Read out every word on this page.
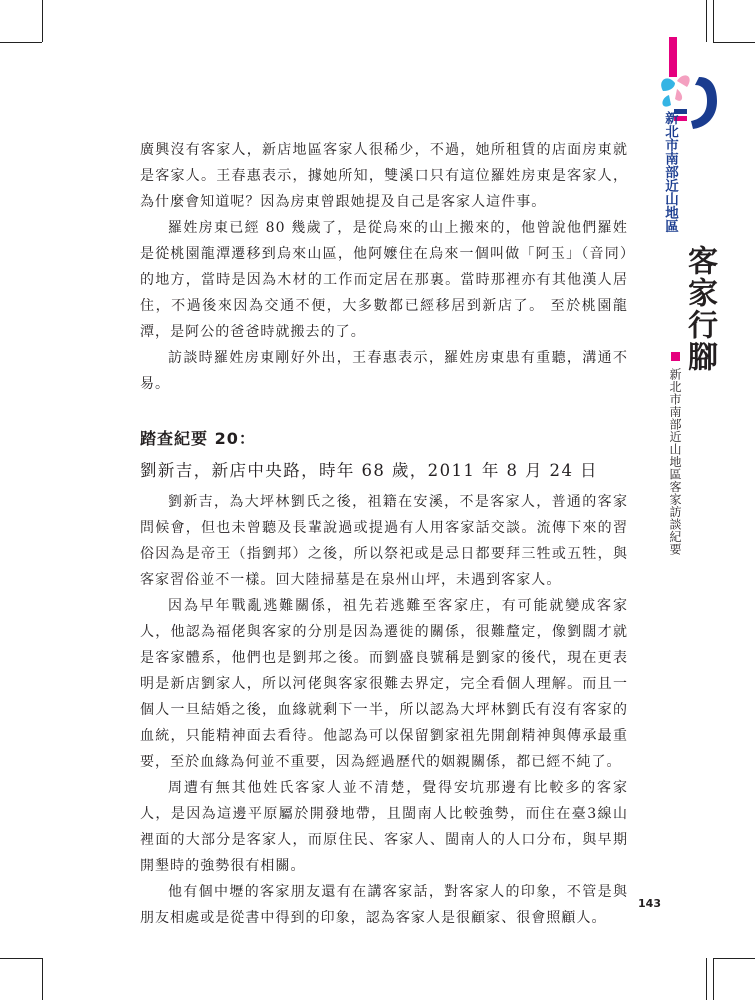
新北市南部近山地區
客家行腳
新北市南部近山地區客家訪談紀要

廣興沒有客家人，新店地區客家人很稀少，不過，她所租賃的店面房東就是客家人。王春惠表示，據她所知，雙溪口只有這位羅姓房東是客家人，為什麼會知道呢？因為房東曾跟她提及自己是客家人這件事。

羅姓房東已經 80 幾歲了，是從烏來的山上搬來的，他曾說他們羅姓是從桃園龍潭遷移到烏來山區，他阿嬤住在烏來一個叫做「阿玉」（音同）的地方，當時是因為木材的工作而定居在那裏。當時那裡亦有其他漢人居住，不過後來因為交通不便，大多數都已經移居到新店了。 至於桃園龍潭，是阿公的爸爸時就搬去的了。

訪談時羅姓房東剛好外出，王春惠表示，羅姓房東患有重聽，溝通不易。

踏查紀要 20：
劉新吉，新店中央路，時年 68 歲，2011 年 8 月 24 日

劉新吉，為大坪林劉氏之後，祖籍在安溪，不是客家人，普通的客家問候會，但也未曾聽及長輩說過或提過有人用客家話交談。流傳下來的習俗因為是帝王（指劉邦）之後，所以祭祀或是忌日都要拜三牲或五牲，與客家習俗並不一樣。回大陸掃墓是在泉州山坪，未遇到客家人。

因為早年戰亂逃難關係，祖先若逃難至客家庄，有可能就變成客家人，他認為福佬與客家的分別是因為遷徙的關係，很難釐定，像劉闊才就是客家體系，他們也是劉邦之後。而劉盛良號稱是劉家的後代，現在更表明是新店劉家人，所以河佬與客家很難去界定，完全看個人理解。而且一個人一旦結婚之後，血緣就剩下一半，所以認為大坪林劉氏有沒有客家的血統，只能精神面去看待。他認為可以保留劉家祖先開創精神與傳承最重要，至於血緣為何並不重要，因為經過歷代的姻親關係，都已經不純了。

周遭有無其他姓氏客家人並不清楚，覺得安坑那邊有比較多的客家人，是因為這邊平原屬於開發地帶，且閩南人比較強勢，而住在臺3線山裡面的大部分是客家人，而原住民、客家人、閩南人的人口分布，與早期開墾時的強勢很有相關。

他有個中壢的客家朋友還有在講客家話，對客家人的印象，不管是與朋友相處或是從書中得到的印象，認為客家人是很顧家、很會照顧人。

143
